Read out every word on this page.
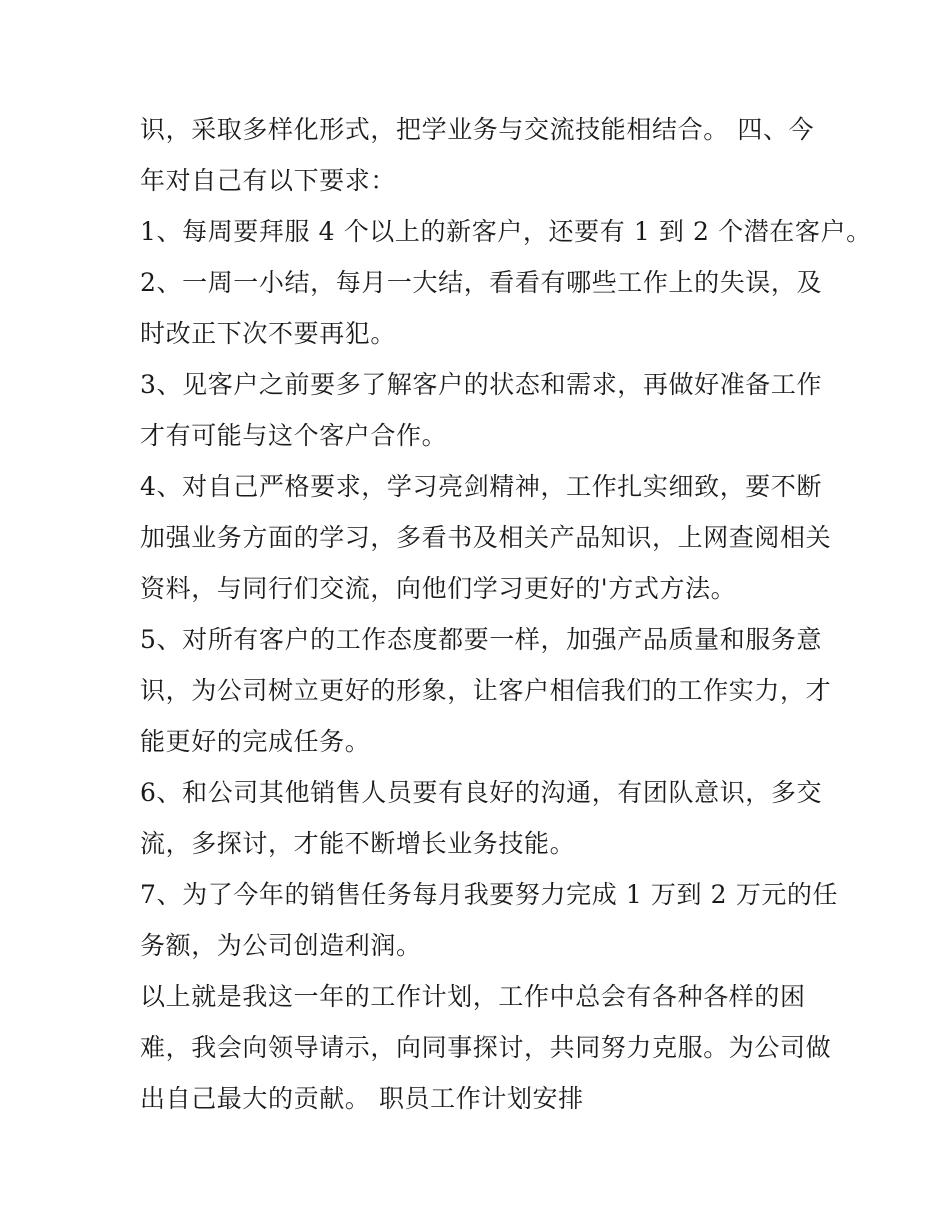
识，采取多样化形式，把学业务与交流技能相结合。 四、今
年对自己有以下要求：
1、每周要拜服 4 个以上的新客户，还要有 1 到 2 个潜在客户。
2、一周一小结，每月一大结，看看有哪些工作上的失误，及
时改正下次不要再犯。
3、见客户之前要多了解客户的状态和需求，再做好准备工作
才有可能与这个客户合作。
4、对自己严格要求，学习亮剑精神，工作扎实细致，要不断
加强业务方面的学习，多看书及相关产品知识，上网查阅相关
资料，与同行们交流，向他们学习更好的'方式方法。
5、对所有客户的工作态度都要一样，加强产品质量和服务意
识，为公司树立更好的形象，让客户相信我们的工作实力，才
能更好的完成任务。
6、和公司其他销售人员要有良好的沟通，有团队意识，多交
流，多探讨，才能不断增长业务技能。
7、为了今年的销售任务每月我要努力完成 1 万到 2 万元的任
务额，为公司创造利润。
以上就是我这一年的工作计划，工作中总会有各种各样的困
难，我会向领导请示，向同事探讨，共同努力克服。为公司做
出自己最大的贡献。 职员工作计划安排
